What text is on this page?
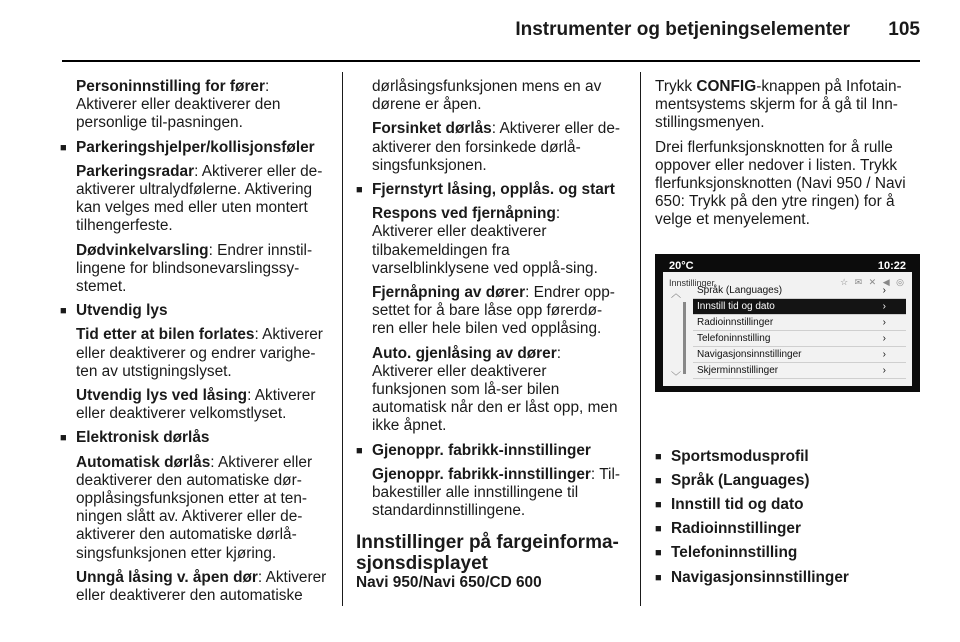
Instrumenter og betjeningselementer 105

Personinnstilling for fører: Aktiverer eller deaktiverer den personlige til-pasningen.

■ Parkeringshjelper/kollisjonsføler

Parkeringsradar: Aktiverer eller de-aktiverer ultralydfølerne. Aktivering kan velges med eller uten montert tilhengerfeste.

Dødvinkelvarsling: Endrer innstil-lingene for blindsonevarslingssy-stemet.

■ Utvendig lys

Tid etter at bilen forlates: Aktiverer eller deaktiverer og endrer varighe-ten av utstigningslyset.

Utvendig lys ved låsing: Aktiverer eller deaktiverer velkomstlyset.

■ Elektronisk dørlås

Automatisk dørlås: Aktiverer eller deaktiverer den automatiske dør-opplåsingsfunksjonen etter at ten-ningen slått av. Aktiverer eller de-aktiverer den automatiske dørlå-singsfunksjonen etter kjøring.

Unngå låsing v. åpen dør: Aktiverer eller deaktiverer den automatiske

dørlåsingsfunksjonen mens en av dørene er åpen.

Forsinket dørlås: Aktiverer eller de-aktiverer den forsinkede dørlå-singsfunksjonen.

■ Fjernstyrt låsing, opplås. og start

Respons ved fjernåpning: Aktiverer eller deaktiverer tilbakemeldingen fra varselblinklysene ved opplå-sing.

Fjernåpning av dører: Endrer opp-settet for å bare låse opp førerdø-ren eller hele bilen ved opplåsing.

Auto. gjenlåsing av dører: Aktiverer eller deaktiverer funksjonen som lå-ser bilen automatisk når den er låst opp, men ikke åpnet.

■ Gjenoppr. fabrikk-innstillinger

Gjenoppr. fabrikk-innstillinger: Til-bakestiller alle innstillingene til standardinnstillingene.

Innstillinger på fargeinforma-sjonsdisplayet
Navi 950/Navi 650/CD 600

Trykk CONFIG-knappen på Infotain-mentsystems skjerm for å gå til Inn-stillingsmenyen.

Drei flerfunksjonsknotten for å rulle oppover eller nedover i listen. Trykk flerfunksjonsknotten (Navi 950 / Navi 650: Trykk på den ytre ringen) for å velge et menyelement.

20°C	10:22
Innstillinger	☆ ✉ ✕ ◀ ◎
︿
﹀
Språk (Languages)	›
Innstill tid og dato	›
Radioinnstillinger	›
Telefoninnstilling	›
Navigasjonsinnstillinger	›
Skjerminnstillinger	›
■ Sportsmodusprofil
■ Språk (Languages)
■ Innstill tid og dato
■ Radioinnstillinger
■ Telefoninnstilling
■ Navigasjonsinnstillinger
